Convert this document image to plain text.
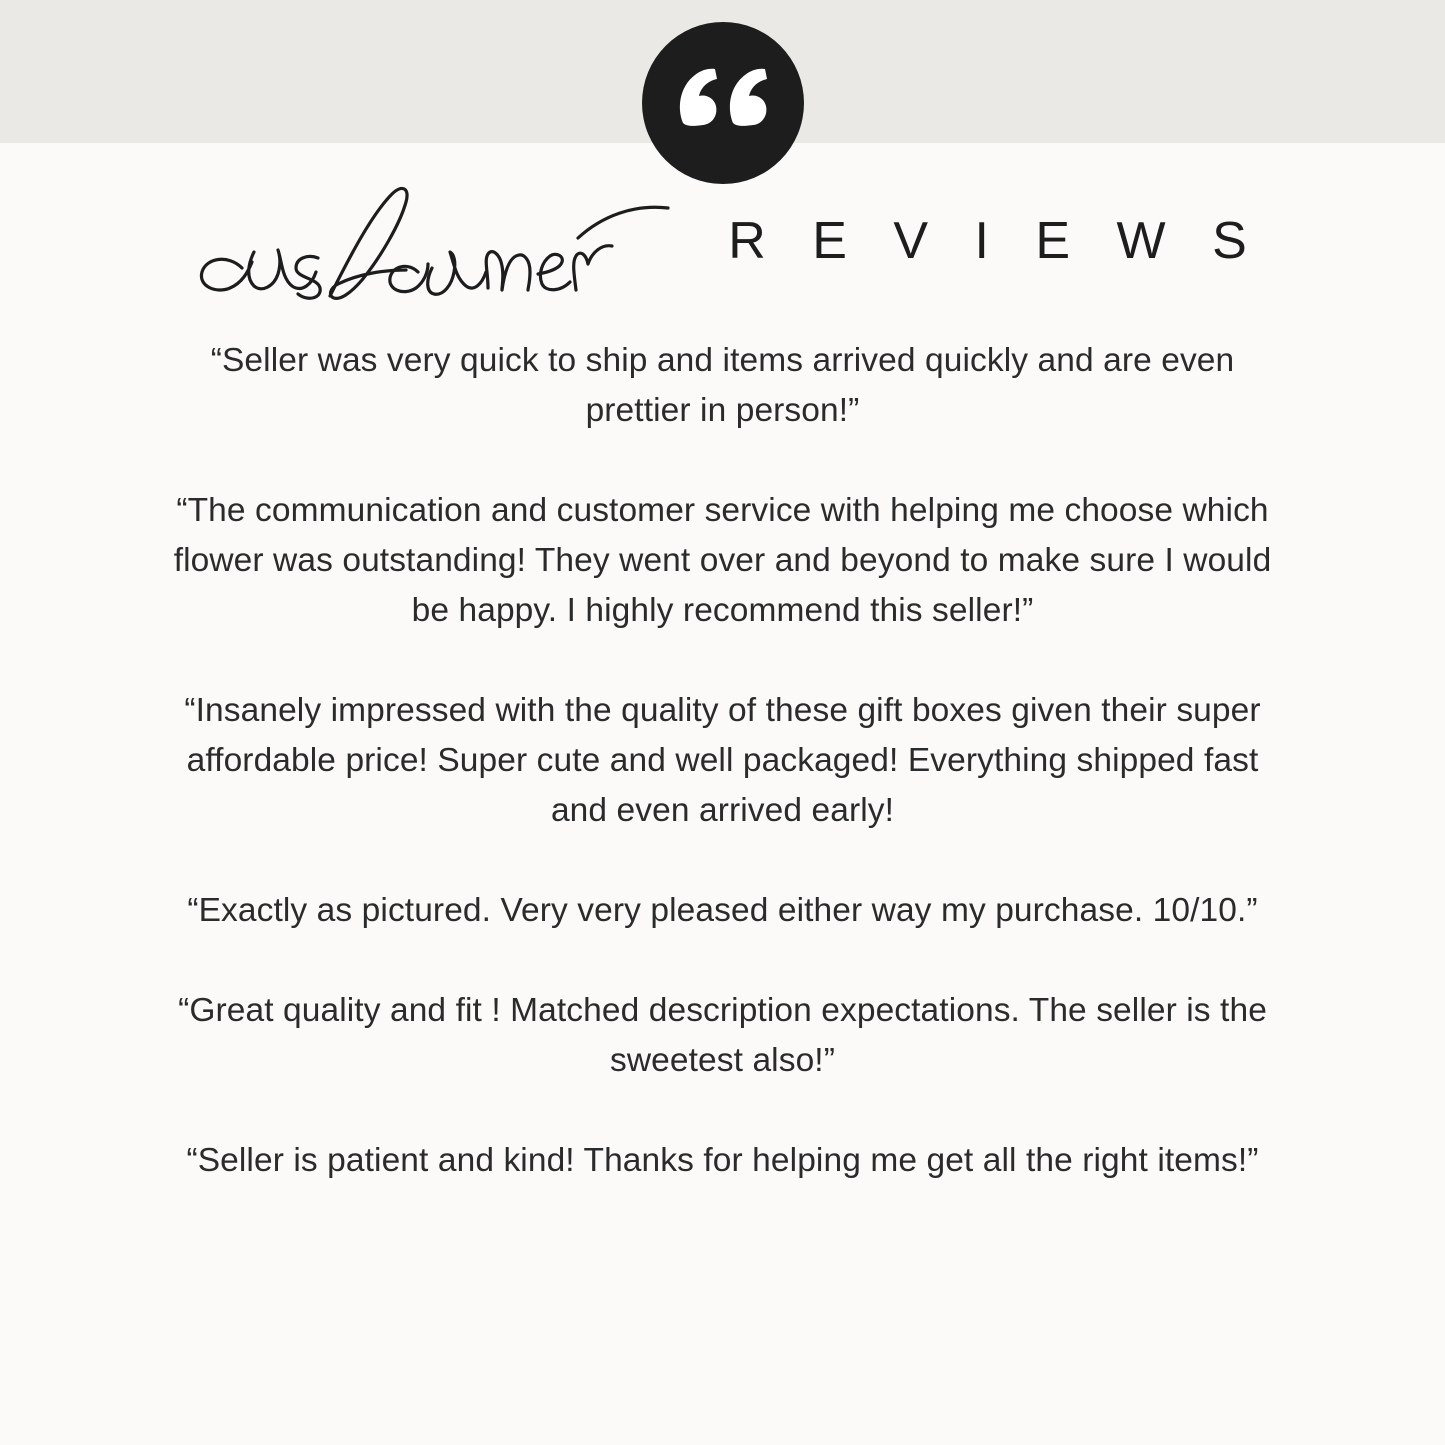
R E V I E W S

“Seller was very quick to ship and items arrived quickly and are even prettier in person!”

“The communication and customer service with helping me choose which flower was outstanding! They went over and beyond to make sure I would be happy. I highly recommend this seller!”

“Insanely impressed with the quality of these gift boxes given their super affordable price! Super cute and well packaged! Everything shipped fast and even arrived early!

“Exactly as pictured. Very very pleased either way my purchase. 10/10.”

“Great quality and fit ! Matched description expectations. The seller is the sweetest also!”

“Seller is patient and kind! Thanks for helping me get all the right items!”
